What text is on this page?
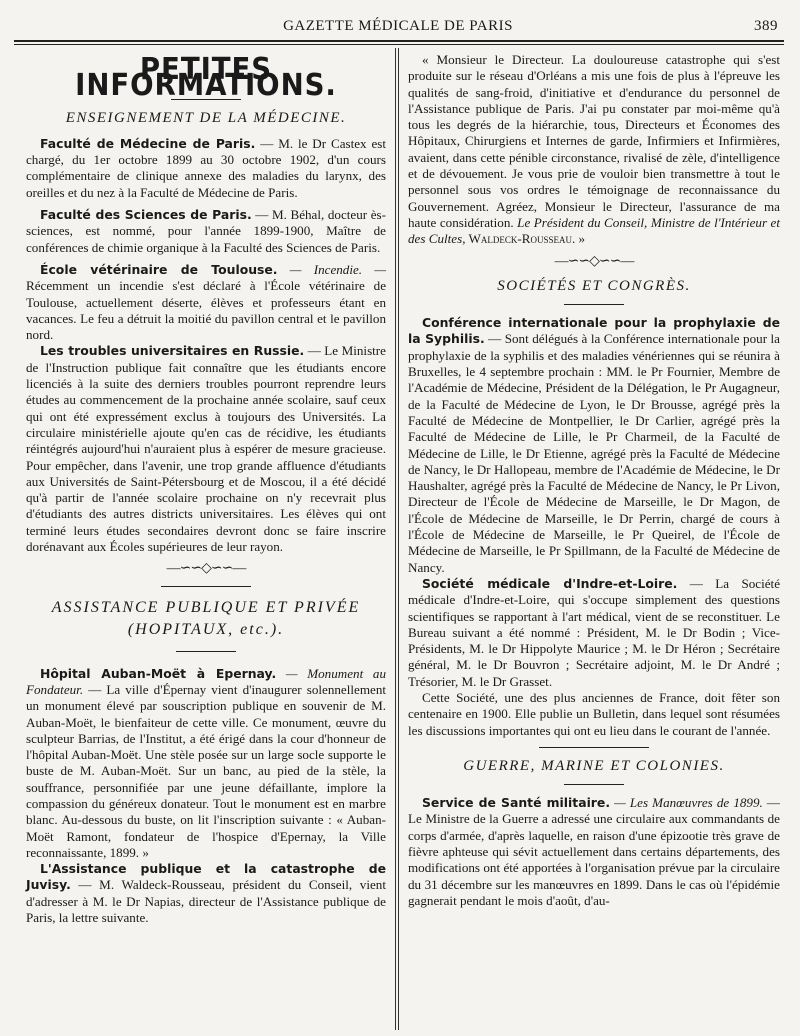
GAZETTE MÉDICALE DE PARIS	389
PETITES INFORMATIONS.
ENSEIGNEMENT DE LA MÉDECINE.

Faculté de Médecine de Paris. — M. le Dr Castex est chargé, du 1er octobre 1899 au 30 octobre 1902, d'un cours complémentaire de clinique annexe des maladies du larynx, des oreilles et du nez à la Faculté de Médecine de Paris.

Faculté des Sciences de Paris. — M. Béhal, docteur ès-sciences, est nommé, pour l'année 1899-1900, Maître de conférences de chimie organique à la Faculté des Sciences de Paris.

École vétérinaire de Toulouse. — Incendie. — Récemment un incendie s'est déclaré à l'École vétérinaire de Toulouse, actuellement déserte, élèves et professeurs étant en vacances. Le feu a détruit la moitié du pavillon central et le pavillon nord.

Les troubles universitaires en Russie. — Le Ministre de l'Instruction publique fait connaître que les étudiants encore licenciés à la suite des derniers troubles pourront reprendre leurs études au commencement de la prochaine année scolaire, sauf ceux qui ont été expressément exclus à toujours des Universités. La circulaire ministérielle ajoute qu'en cas de récidive, les étudiants réintégrés aujourd'hui n'auraient plus à espérer de mesure gracieuse. Pour empêcher, dans l'avenir, une trop grande affluence d'étudiants aux Universités de Saint-Pétersbourg et de Moscou, il a été décidé qu'à partir de l'année scolaire prochaine on n'y recevrait plus d'étudiants des autres districts universitaires. Les élèves qui ont terminé leurs études secondaires devront donc se faire inscrire dorénavant aux Écoles supérieures de leur rayon.

—∽∽◇∽∽—
ASSISTANCE PUBLIQUE ET PRIVÉE
(HOPITAUX, etc.).

Hôpital Auban-Moët à Epernay. — Monument au Fondateur. — La ville d'Épernay vient d'inaugurer solennellement un monument élevé par souscription publique en souvenir de M. Auban-Moët, le bienfaiteur de cette ville. Ce monument, œuvre du sculpteur Barrias, de l'Institut, a été érigé dans la cour d'honneur de l'hôpital Auban-Moët. Une stèle posée sur un large socle supporte le buste de M. Auban-Moët. Sur un banc, au pied de la stèle, la souffrance, personnifiée par une jeune défaillante, implore la compassion du généreux donateur. Tout le monument est en marbre blanc. Au-dessous du buste, on lit l'inscription suivante : « Auban-Moët Ramont, fondateur de l'hospice d'Epernay, la Ville reconnaissante, 1899. »

L'Assistance publique et la catastrophe de Juvisy. — M. Waldeck-Rousseau, président du Conseil, vient d'adresser à M. le Dr Napias, directeur de l'Assistance publique de Paris, la lettre suivante.

« Monsieur le Directeur. La douloureuse catastrophe qui s'est produite sur le réseau d'Orléans a mis une fois de plus à l'épreuve les qualités de sang-froid, d'initiative et d'endurance du personnel de l'Assistance publique de Paris. J'ai pu constater par moi-même qu'à tous les degrés de la hiérarchie, tous, Directeurs et Économes des Hôpitaux, Chirurgiens et Internes de garde, Infirmiers et Infirmières, avaient, dans cette pénible circonstance, rivalisé de zèle, d'intelligence et de dévouement. Je vous prie de vouloir bien transmettre à tout le personnel sous vos ordres le témoignage de reconnaissance du Gouvernement. Agréez, Monsieur le Directeur, l'assurance de ma haute considération. Le Président du Conseil, Ministre de l'Intérieur et des Cultes, Waldeck-Rousseau. »

—∽∽◇∽∽—
SOCIÉTÉS ET CONGRÈS.

Conférence internationale pour la prophylaxie de la Syphilis. — Sont délégués à la Conférence internationale pour la prophylaxie de la syphilis et des maladies vénériennes qui se réunira à Bruxelles, le 4 septembre prochain : MM. le Pr Fournier, Membre de l'Académie de Médecine, Président de la Délégation, le Pr Augagneur, de la Faculté de Médecine de Lyon, le Dr Brousse, agrégé près la Faculté de Médecine de Montpellier, le Dr Carlier, agrégé près la Faculté de Médecine de Lille, le Pr Charmeil, de la Faculté de Médecine de Lille, le Dr Etienne, agrégé près la Faculté de Médecine de Nancy, le Dr Hallopeau, membre de l'Académie de Médecine, le Dr Haushalter, agrégé près la Faculté de Médecine de Nancy, le Pr Livon, Directeur de l'École de Médecine de Marseille, le Dr Magon, de l'École de Médecine de Marseille, le Dr Perrin, chargé de cours à l'École de Médecine de Marseille, le Pr Queirel, de l'École de Médecine de Marseille, le Pr Spillmann, de la Faculté de Médecine de Nancy.

Société médicale d'Indre-et-Loire. — La Société médicale d'Indre-et-Loire, qui s'occupe simplement des questions scientifiques se rapportant à l'art médical, vient de se reconstituer. Le Bureau suivant a été nommé : Président, M. le Dr Bodin ; Vice-Présidents, M. le Dr Hippolyte Maurice ; M. le Dr Héron ; Secrétaire général, M. le Dr Bouvron ; Secrétaire adjoint, M. le Dr André ; Trésorier, M. le Dr Grasset.

Cette Société, une des plus anciennes de France, doit fêter son centenaire en 1900. Elle publie un Bulletin, dans lequel sont résumées les discussions importantes qui ont eu lieu dans le courant de l'année.

GUERRE, MARINE ET COLONIES.

Service de Santé militaire. — Les Manœuvres de 1899. — Le Ministre de la Guerre a adressé une circulaire aux commandants de corps d'armée, d'après laquelle, en raison d'une épizootie très grave de fièvre aphteuse qui sévit actuellement dans certains départements, des modifications ont été apportées à l'organisation prévue par la circulaire du 31 décembre sur les manœuvres en 1899. Dans le cas où l'épidémie gagnerait pendant le mois d'août, d'au-
